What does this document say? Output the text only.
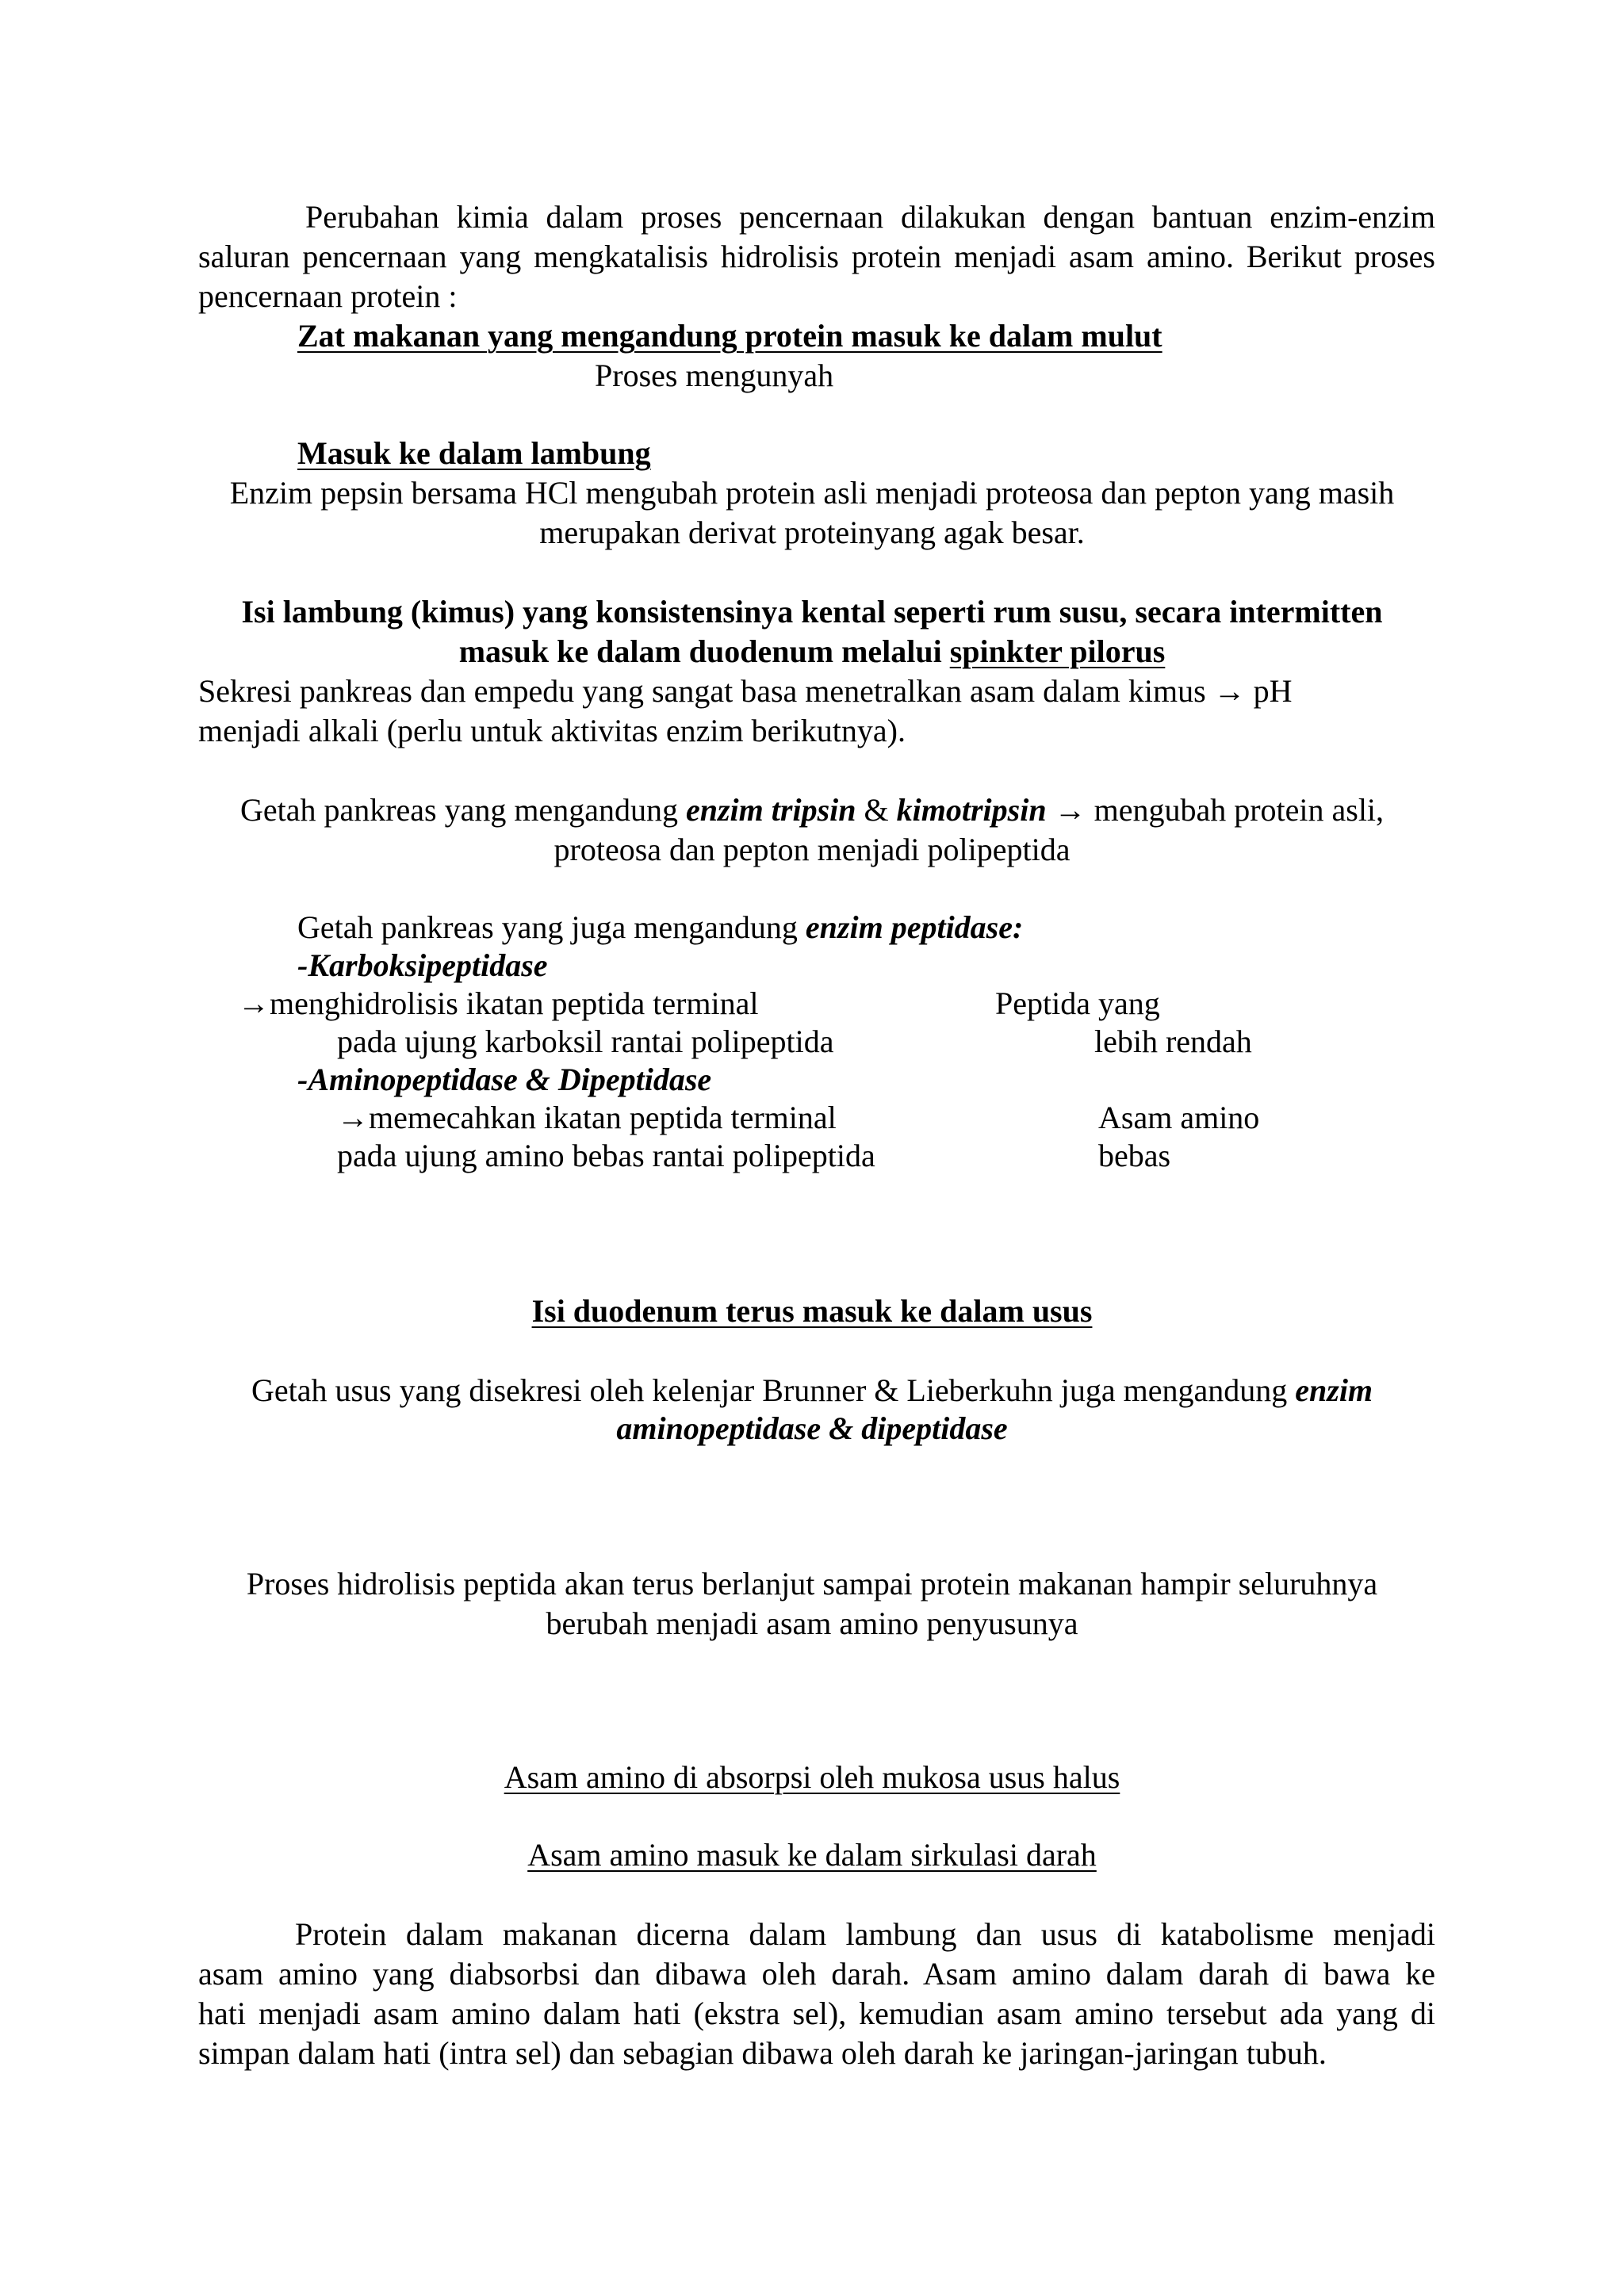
Perubahan kimia dalam proses pencernaan dilakukan dengan bantuan enzim-enzim

saluran pencernaan yang mengkatalisis hidrolisis protein menjadi asam amino. Berikut proses

pencernaan protein :

Zat makanan yang mengandung protein masuk ke dalam mulut

Proses mengunyah

Masuk ke dalam lambung

Enzim pepsin bersama HCl mengubah protein asli menjadi proteosa dan pepton yang masih

merupakan derivat proteinyang agak besar.

Isi lambung (kimus) yang konsistensinya kental seperti rum susu, secara intermitten

masuk ke dalam duodenum melalui spinkter pilorus

Sekresi pankreas dan empedu yang sangat basa menetralkan asam dalam kimus → pH

menjadi alkali (perlu untuk aktivitas enzim berikutnya).

Getah pankreas yang mengandung enzim tripsin & kimotripsin → mengubah protein asli,

proteosa dan pepton menjadi polipeptida

Getah pankreas yang juga mengandung enzim peptidase:

-Karboksipeptidase

→menghidrolisis ikatan peptida terminal

pada ujung karboksil rantai polipeptida

Peptida yang

lebih rendah

-Aminopeptidase & Dipeptidase

→memecahkan ikatan peptida terminal

pada ujung amino bebas rantai polipeptida

Asam amino

bebas

Isi duodenum terus masuk ke dalam usus

Getah usus yang disekresi oleh kelenjar Brunner & Lieberkuhn juga mengandung enzim

aminopeptidase & dipeptidase

Proses hidrolisis peptida akan terus berlanjut sampai protein makanan hampir seluruhnya

berubah menjadi asam amino penyusunya

Asam amino di absorpsi oleh mukosa usus halus

Asam amino masuk ke dalam sirkulasi darah

Protein dalam makanan dicerna dalam lambung dan usus di katabolisme menjadi

asam amino yang diabsorbsi dan dibawa oleh darah. Asam amino dalam darah di bawa ke

hati menjadi asam amino dalam hati (ekstra sel), kemudian asam amino tersebut ada yang di

simpan dalam hati (intra sel) dan sebagian dibawa oleh darah ke jaringan-jaringan tubuh.
